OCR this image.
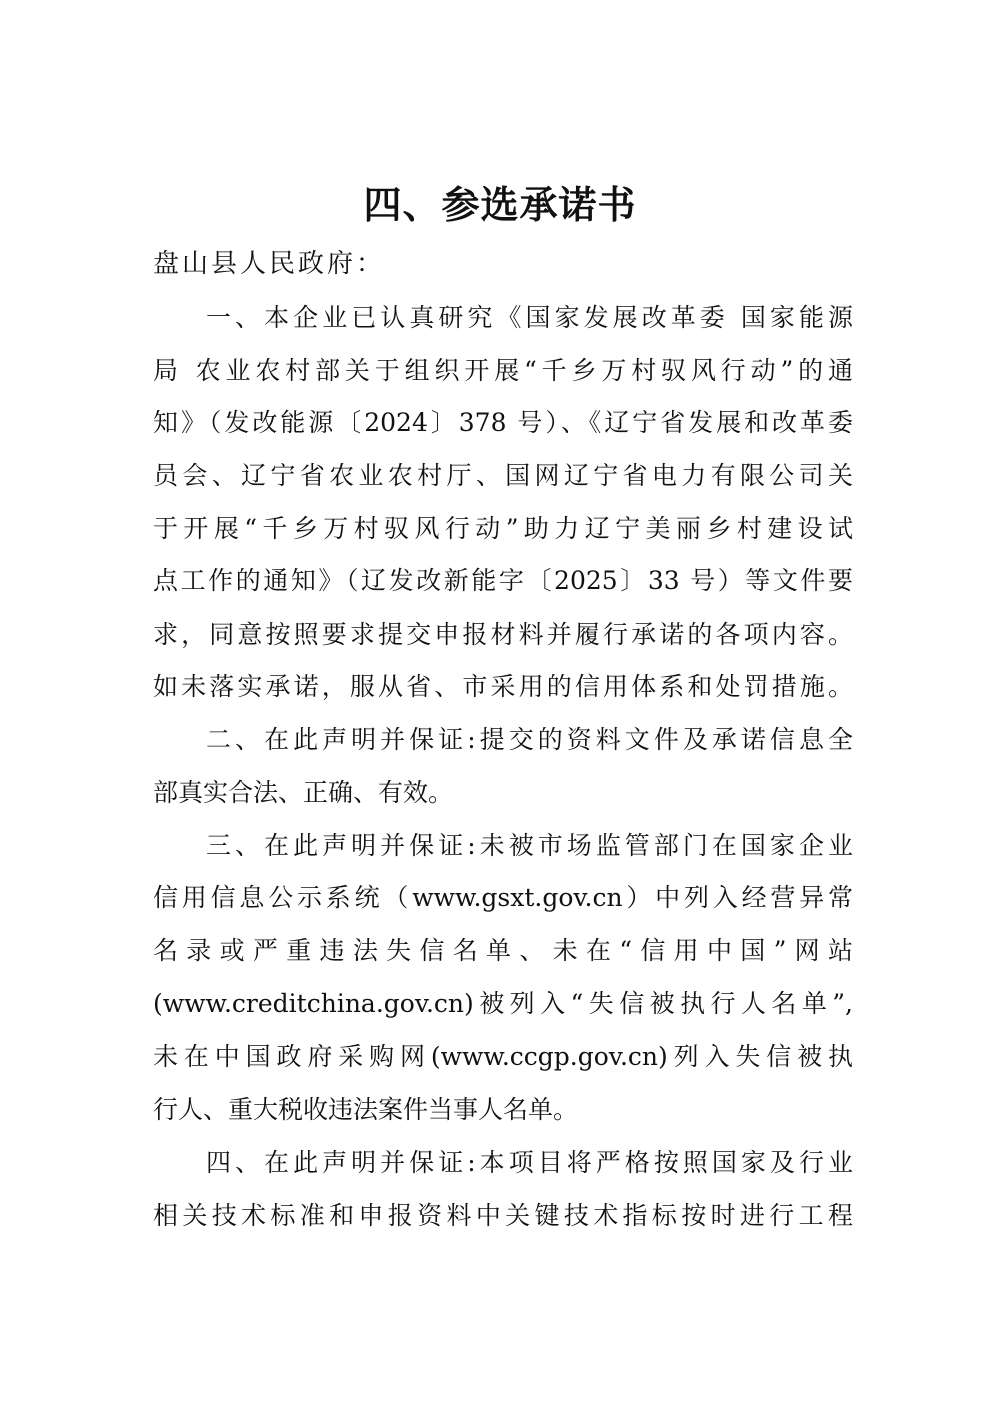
四、参选承诺书

盘山县人民政府：

一、本企业已认真研究《国家发展改革委 国家能源

局 农业农村部关于组织开展“千乡万村驭风行动”的通

知》（发改能源〔2024〕378 号）、《辽宁省发展和改革委

员会、辽宁省农业农村厅、国网辽宁省电力有限公司关

于开展“千乡万村驭风行动”助力辽宁美丽乡村建设试

点工作的通知》（辽发改新能字〔2025〕33 号）等文件要

求，同意按照要求提交申报材料并履行承诺的各项内容。

如未落实承诺，服从省、市采用的信用体系和处罚措施。

二、在此声明并保证:提交的资料文件及承诺信息全

部真实合法、正确、有效。

三、在此声明并保证:未被市场监管部门在国家企业

信用信息公示系统（www.gsxt.gov.cn）中列入经营异常

名录或严重违法失信名单、未在“信用中国”网站

(www.creditchina.gov.cn)被列入“失信被执行人名单”,

未在中国政府采购网(www.ccgp.gov.cn)列入失信被执

行人、重大税收违法案件当事人名单。

四、在此声明并保证:本项目将严格按照国家及行业

相关技术标准和申报资料中关键技术指标按时进行工程
